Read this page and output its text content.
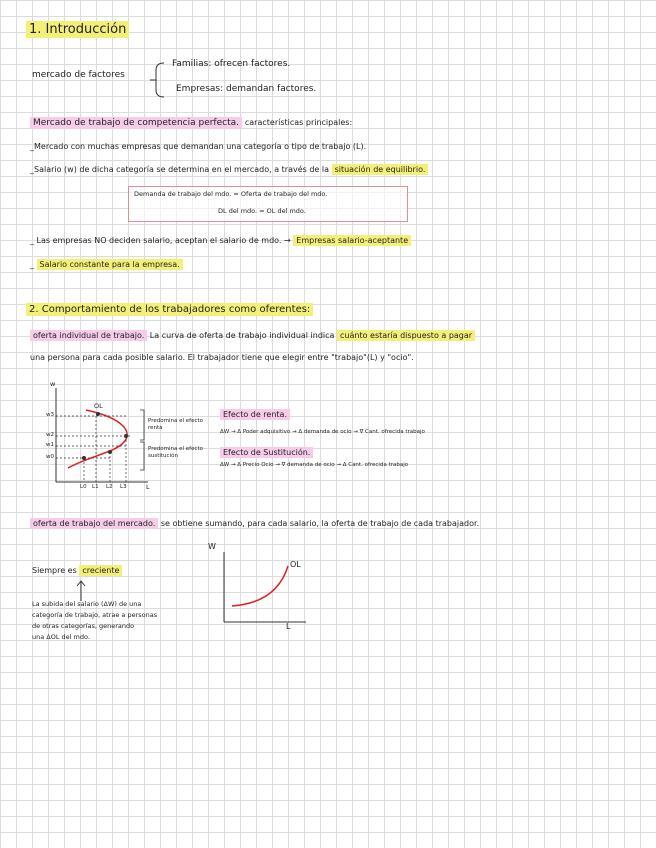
1. Introducción
mercado de factores
Familias: ofrecen factores.
Empresas: demandan factores.
Mercado de trabajo de competencia perfecta. características principales:
_Mercado con muchas empresas que demandan una categoría o tipo de trabajo (L).
_Salario (w) de dicha categoría se determina en el mercado, a través de la situación de equilibrio.
Demanda de trabajo del mdo. = Oferta de trabajo del mdo.
DL del mdo. = OL del mdo.
_ Las empresas NO deciden salario, aceptan el salario de mdo. → Empresas salario-aceptante
_ Salario constante para la empresa.
2. Comportamiento de los trabajadores como oferentes:
oferta individual de trabajo. La curva de oferta de trabajo individual indica cuánto estaría dispuesto a pagar
una persona para cada posible salario. El trabajador tiene que elegir entre "trabajo"(L) y "ocio".
w
L
OL
w3
w2
w1
w0
L0 L1 L2 L3
Predomina el efecto renta
Predomina el efecto sustitución
Efecto de renta.
ΔW → Δ Poder adquisitivo → Δ demanda de ocio → ∇ Cant. ofrecida trabajo
Efecto de Sustitución.
ΔW → Δ Precio Ocio → ∇ demanda de ocio → Δ Cant. ofrecida trabajo
oferta de trabajo del mercado. se obtiene sumando, para cada salario, la oferta de trabajo de cada trabajador.
Siempre es creciente
La subida del salario (ΔW) de una
categoría de trabajo, atrae a personas
de otras categorías, generando
una ΔOL del mdo.
W
L
OL
